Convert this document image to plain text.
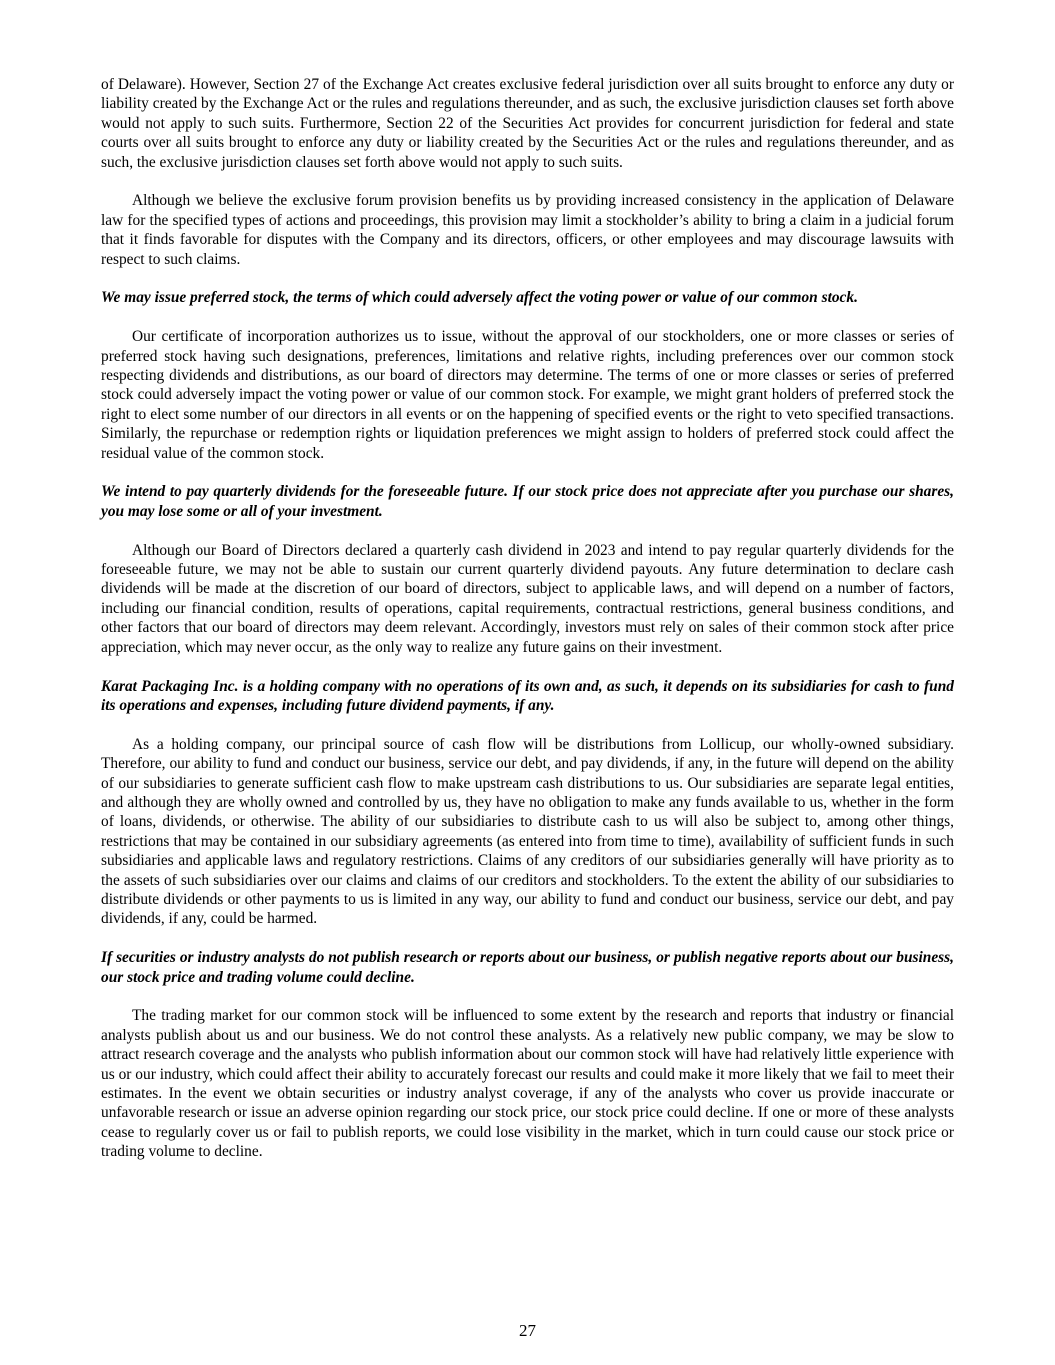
of Delaware). However, Section 27 of the Exchange Act creates exclusive federal jurisdiction over all suits brought to enforce any duty or liability created by the Exchange Act or the rules and regulations thereunder, and as such, the exclusive jurisdiction clauses set forth above would not apply to such suits. Furthermore, Section 22 of the Securities Act provides for concurrent jurisdiction for federal and state courts over all suits brought to enforce any duty or liability created by the Securities Act or the rules and regulations thereunder, and as such, the exclusive jurisdiction clauses set forth above would not apply to such suits.

Although we believe the exclusive forum provision benefits us by providing increased consistency in the application of Delaware law for the specified types of actions and proceedings, this provision may limit a stockholder’s ability to bring a claim in a judicial forum that it finds favorable for disputes with the Company and its directors, officers, or other employees and may discourage lawsuits with respect to such claims.

We may issue preferred stock, the terms of which could adversely affect the voting power or value of our common stock.

Our certificate of incorporation authorizes us to issue, without the approval of our stockholders, one or more classes or series of preferred stock having such designations, preferences, limitations and relative rights, including preferences over our common stock respecting dividends and distributions, as our board of directors may determine. The terms of one or more classes or series of preferred stock could adversely impact the voting power or value of our common stock. For example, we might grant holders of preferred stock the right to elect some number of our directors in all events or on the happening of specified events or the right to veto specified transactions. Similarly, the repurchase or redemption rights or liquidation preferences we might assign to holders of preferred stock could affect the residual value of the common stock.

We intend to pay quarterly dividends for the foreseeable future. If our stock price does not appreciate after you purchase our shares, you may lose some or all of your investment.

Although our Board of Directors declared a quarterly cash dividend in 2023 and intend to pay regular quarterly dividends for the foreseeable future, we may not be able to sustain our current quarterly dividend payouts. Any future determination to declare cash dividends will be made at the discretion of our board of directors, subject to applicable laws, and will depend on a number of factors, including our financial condition, results of operations, capital requirements, contractual restrictions, general business conditions, and other factors that our board of directors may deem relevant. Accordingly, investors must rely on sales of their common stock after price appreciation, which may never occur, as the only way to realize any future gains on their investment.

Karat Packaging Inc. is a holding company with no operations of its own and, as such, it depends on its subsidiaries for cash to fund its operations and expenses, including future dividend payments, if any.

As a holding company, our principal source of cash flow will be distributions from Lollicup, our wholly-owned subsidiary. Therefore, our ability to fund and conduct our business, service our debt, and pay dividends, if any, in the future will depend on the ability of our subsidiaries to generate sufficient cash flow to make upstream cash distributions to us. Our subsidiaries are separate legal entities, and although they are wholly owned and controlled by us, they have no obligation to make any funds available to us, whether in the form of loans, dividends, or otherwise. The ability of our subsidiaries to distribute cash to us will also be subject to, among other things, restrictions that may be contained in our subsidiary agreements (as entered into from time to time), availability of sufficient funds in such subsidiaries and applicable laws and regulatory restrictions. Claims of any creditors of our subsidiaries generally will have priority as to the assets of such subsidiaries over our claims and claims of our creditors and stockholders. To the extent the ability of our subsidiaries to distribute dividends or other payments to us is limited in any way, our ability to fund and conduct our business, service our debt, and pay dividends, if any, could be harmed.

If securities or industry analysts do not publish research or reports about our business, or publish negative reports about our business, our stock price and trading volume could decline.

The trading market for our common stock will be influenced to some extent by the research and reports that industry or financial analysts publish about us and our business. We do not control these analysts. As a relatively new public company, we may be slow to attract research coverage and the analysts who publish information about our common stock will have had relatively little experience with us or our industry, which could affect their ability to accurately forecast our results and could make it more likely that we fail to meet their estimates. In the event we obtain securities or industry analyst coverage, if any of the analysts who cover us provide inaccurate or unfavorable research or issue an adverse opinion regarding our stock price, our stock price could decline. If one or more of these analysts cease to regularly cover us or fail to publish reports, we could lose visibility in the market, which in turn could cause our stock price or trading volume to decline.

27
